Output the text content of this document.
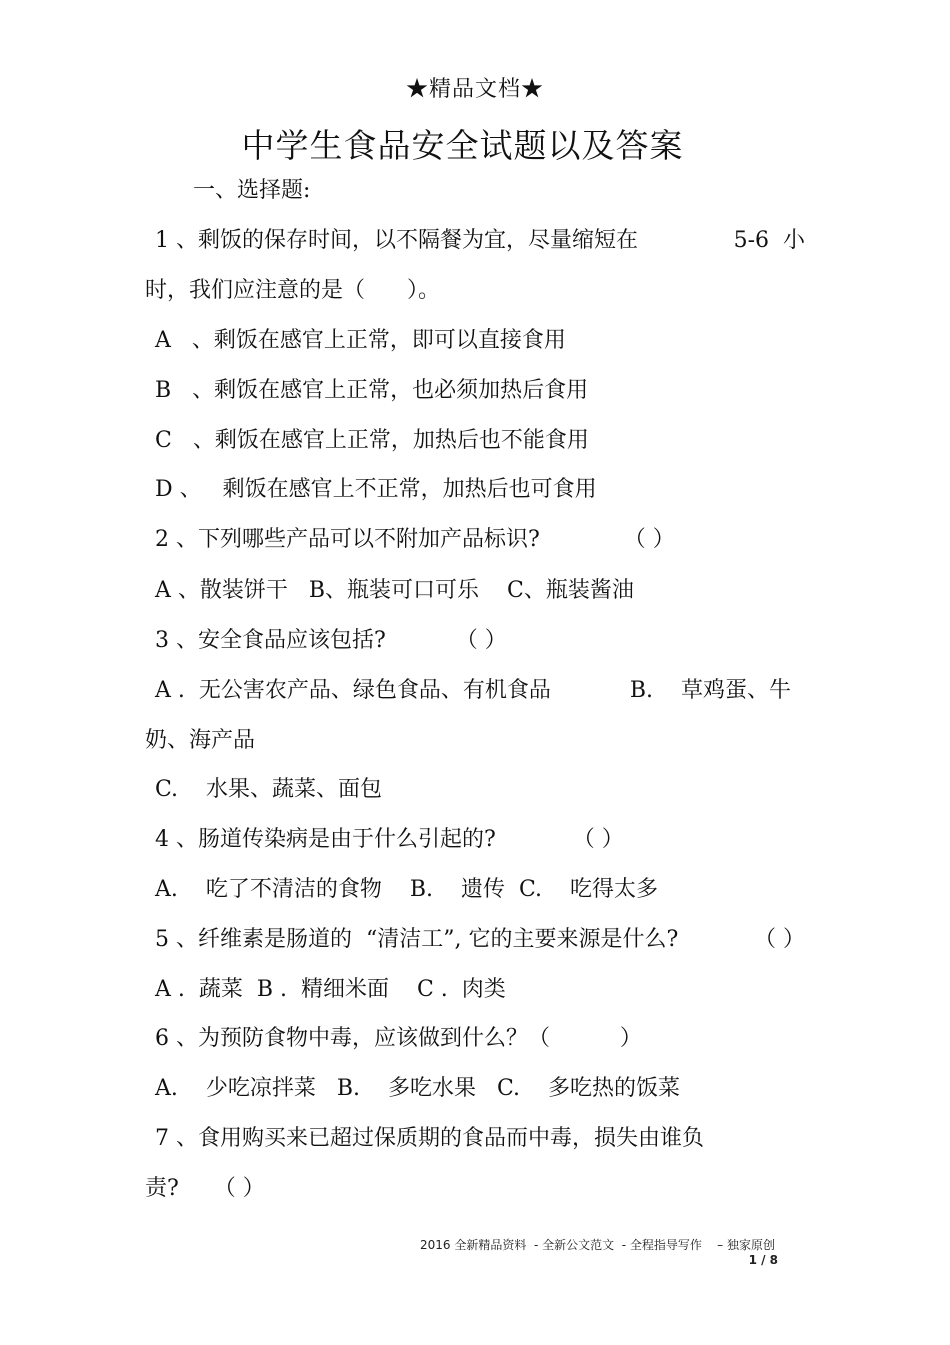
★精品文档★
中学生食品安全试题以及答案
一、选择题:
1 、剩饭的保存时间，以不隔餐为宜，尽量缩短在	5-6  小
时，我们应注意的是（      ）。
A   、剩饭在感官上正常，即可以直接食用
B   、剩饭在感官上正常，也必须加热后食用
C   、剩饭在感官上正常，加热后也不能食用
D 、   剩饭在感官上不正常，加热后也可食用
2 、下列哪些产品可以不附加产品标识?            （ ）
A 、散装饼干   B、瓶装可口可乐    C、瓶装酱油
3 、安全食品应该包括?          （ ）
A .  无公害农产品、绿色食品、有机食品	B.    草鸡蛋、牛
奶、海产品
C.    水果、蔬菜、面包
4 、肠道传染病是由于什么引起的?           （ ）
A.    吃了不清洁的食物    B.    遗传  C.    吃得太多
5 、纤维素是肠道的  “清洁工”, 它的主要来源是什么?	（ ）
A .  蔬菜  B .  精细米面    C .  肉类
6 、为预防食物中毒，应该做到什么？（          ）
A.    少吃凉拌菜   B.    多吃水果   C.    多吃热的饭菜
7 、食用购买来已超过保质期的食品而中毒，损失由谁负
责?     （ ）
2016 全新精品资料  - 全新公文范文  - 全程指导写作    – 独家原创
1 / 8
